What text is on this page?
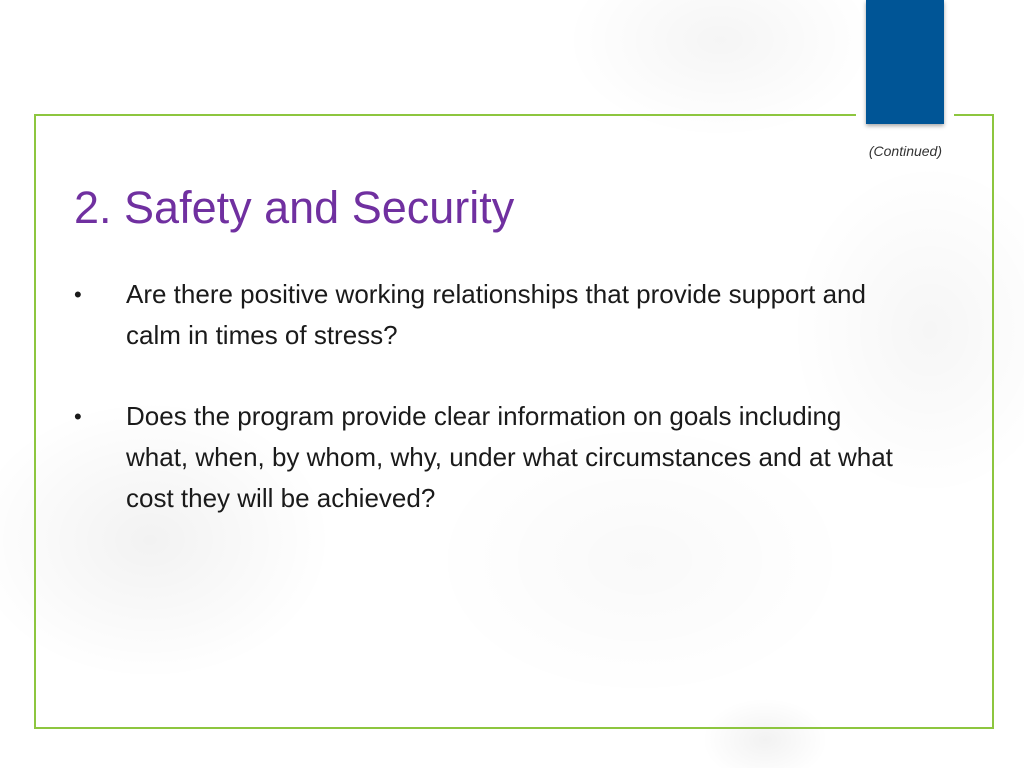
(Continued)
2. Safety and Security
• Are there positive working relationships that provide support and calm in times of stress?
• Does the program provide clear information on goals including what, when, by whom, why, under what circumstances and at what cost they will be achieved?
